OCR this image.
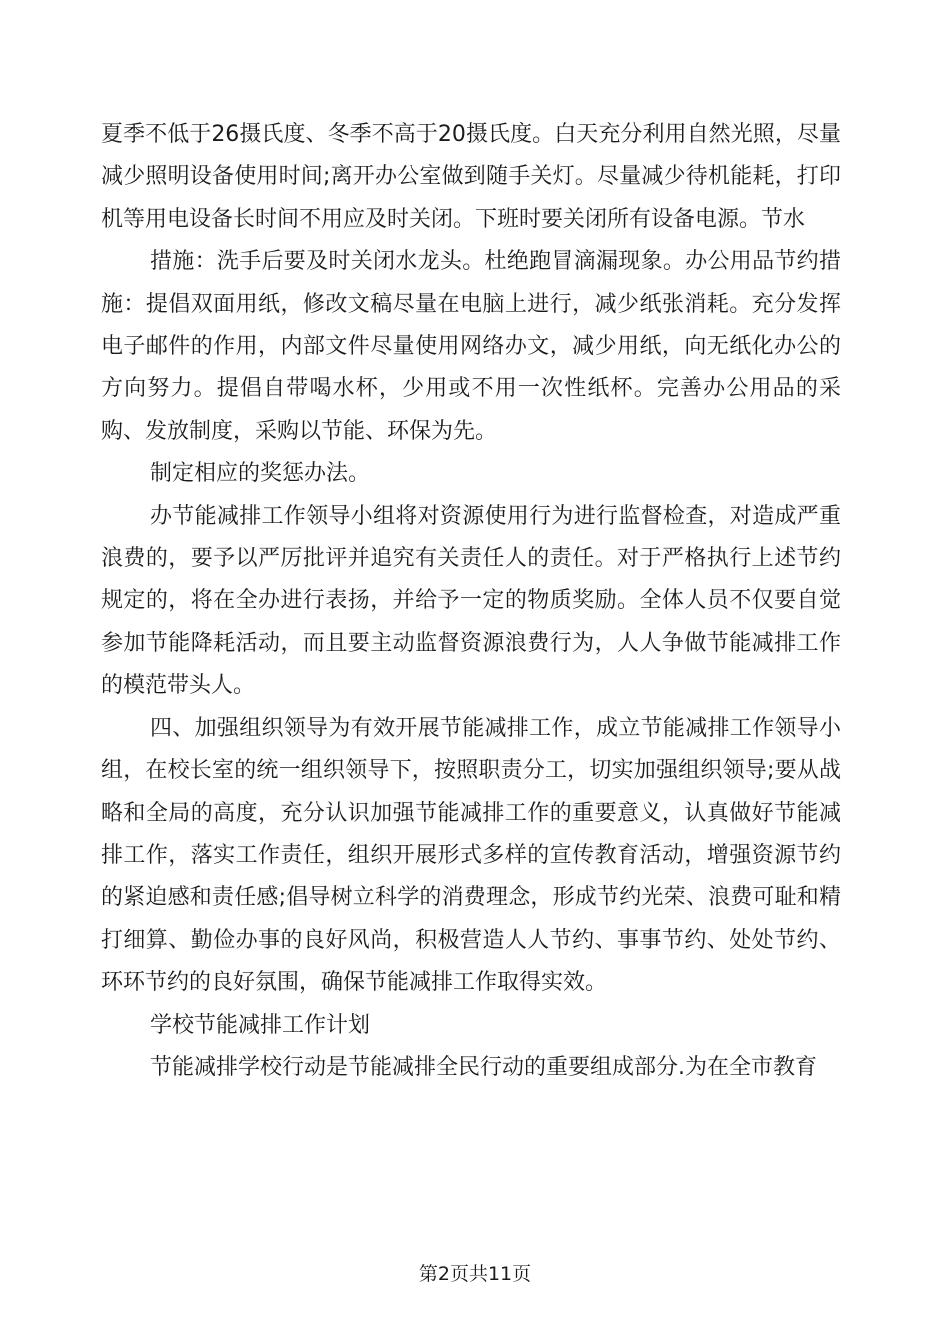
夏季不低于26摄氏度、冬季不高于20摄氏度。白天充分利用自然光照，尽量减少照明设备使用时间;离开办公室做到随手关灯。尽量减少待机能耗，打印机等用电设备长时间不用应及时关闭。下班时要关闭所有设备电源。节水

措施：洗手后要及时关闭水龙头。杜绝跑冒滴漏现象。办公用品节约措施：提倡双面用纸，修改文稿尽量在电脑上进行，减少纸张消耗。充分发挥电子邮件的作用，内部文件尽量使用网络办文，减少用纸，向无纸化办公的方向努力。提倡自带喝水杯，少用或不用一次性纸杯。完善办公用品的采购、发放制度，采购以节能、环保为先。

制定相应的奖惩办法。

办节能减排工作领导小组将对资源使用行为进行监督检查，对造成严重浪费的，要予以严厉批评并追究有关责任人的责任。对于严格执行上述节约规定的，将在全办进行表扬，并给予一定的物质奖励。全体人员不仅要自觉参加节能降耗活动，而且要主动监督资源浪费行为，人人争做节能减排工作的模范带头人。

四、加强组织领导为有效开展节能减排工作，成立节能减排工作领导小组，在校长室的统一组织领导下，按照职责分工，切实加强组织领导;要从战略和全局的高度，充分认识加强节能减排工作的重要意义，认真做好节能减排工作，落实工作责任，组织开展形式多样的宣传教育活动，增强资源节约的紧迫感和责任感;倡导树立科学的消费理念，形成节约光荣、浪费可耻和精打细算、勤俭办事的良好风尚，积极营造人人节约、事事节约、处处节约、环环节约的良好氛围，确保节能减排工作取得实效。

学校节能减排工作计划

节能减排学校行动是节能减排全民行动的重要组成部分.为在全市教育

第2页共11页
